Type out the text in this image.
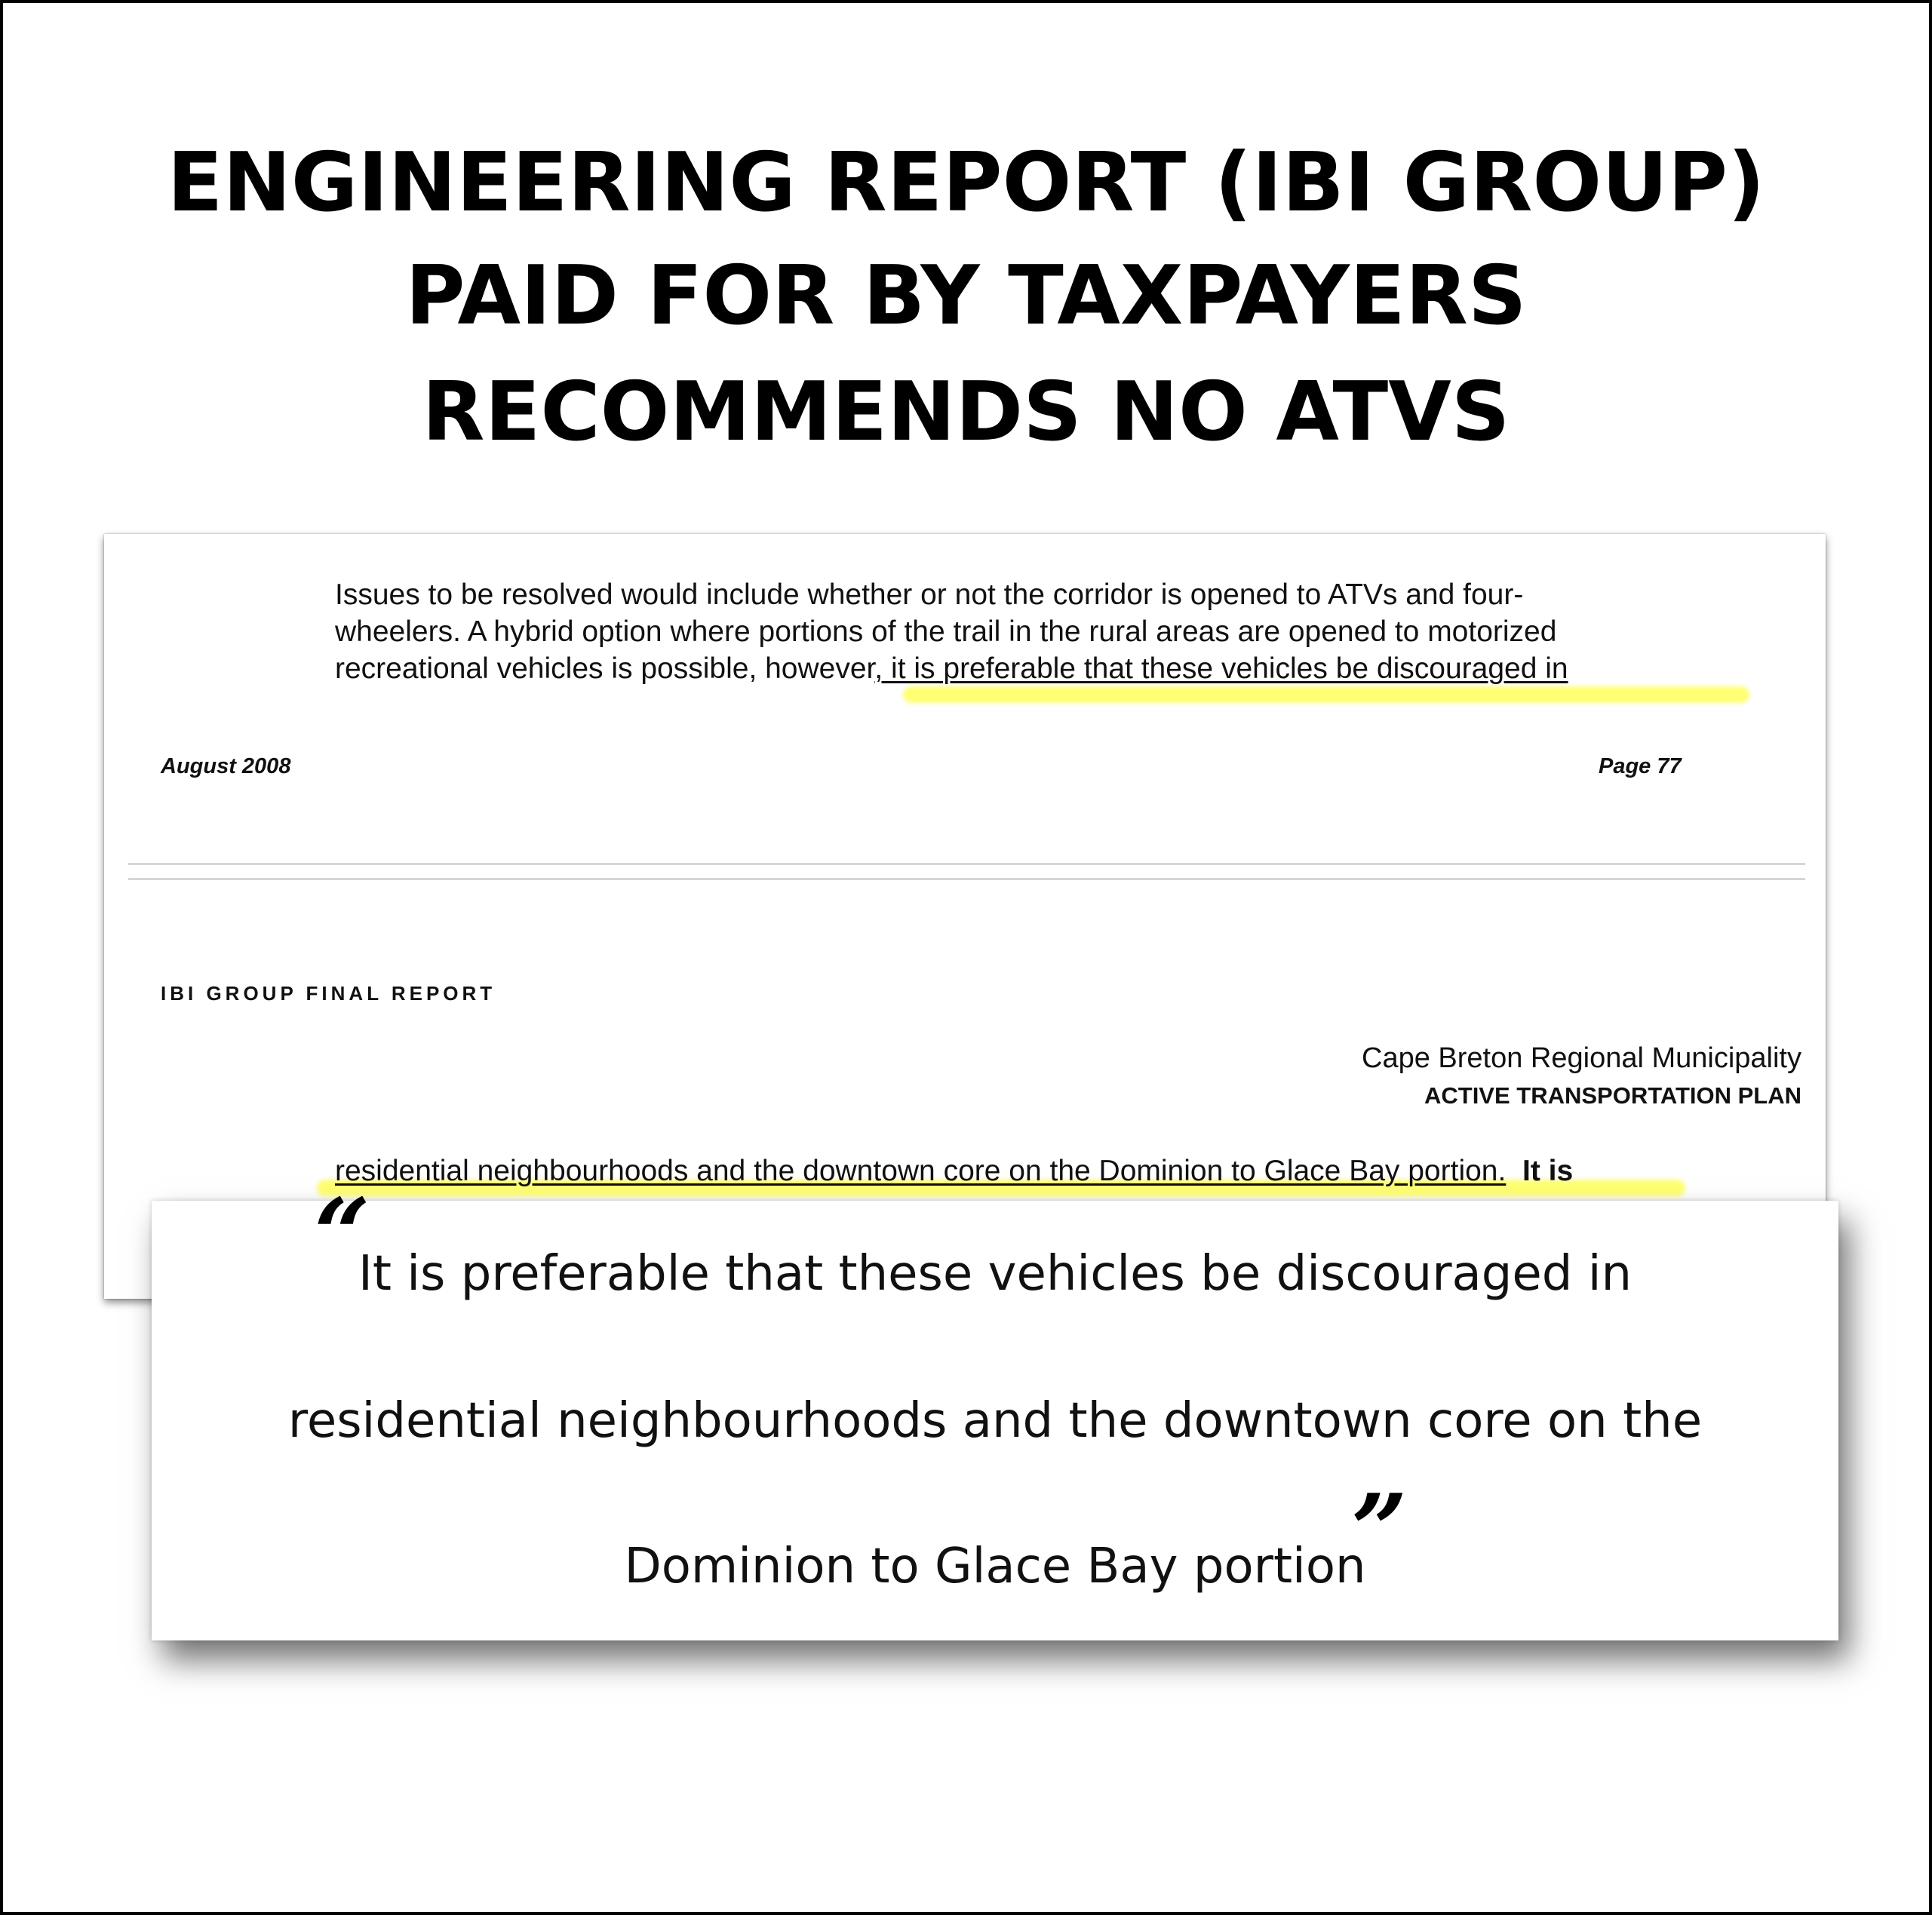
ENGINEERING REPORT (IBI GROUP)
PAID FOR BY TAXPAYERS
RECOMMENDS NO ATVS
Issues to be resolved would include whether or not the corridor is opened to ATVs and four-
wheelers. A hybrid option where portions of the trail in the rural areas are opened to motorized
recreational vehicles is possible, however, it is preferable that these vehicles be discouraged in
August 2008	Page 77
IBI GROUP FINAL REPORT
Cape Breton Regional Municipality
ACTIVE TRANSPORTATION PLAN
residential neighbourhoods and the downtown core on the Dominion to Glace Bay portion. It is
“
It is preferable that these vehicles be discouraged in
residential neighbourhoods and the downtown core on the
Dominion to Glace Bay portion
”
